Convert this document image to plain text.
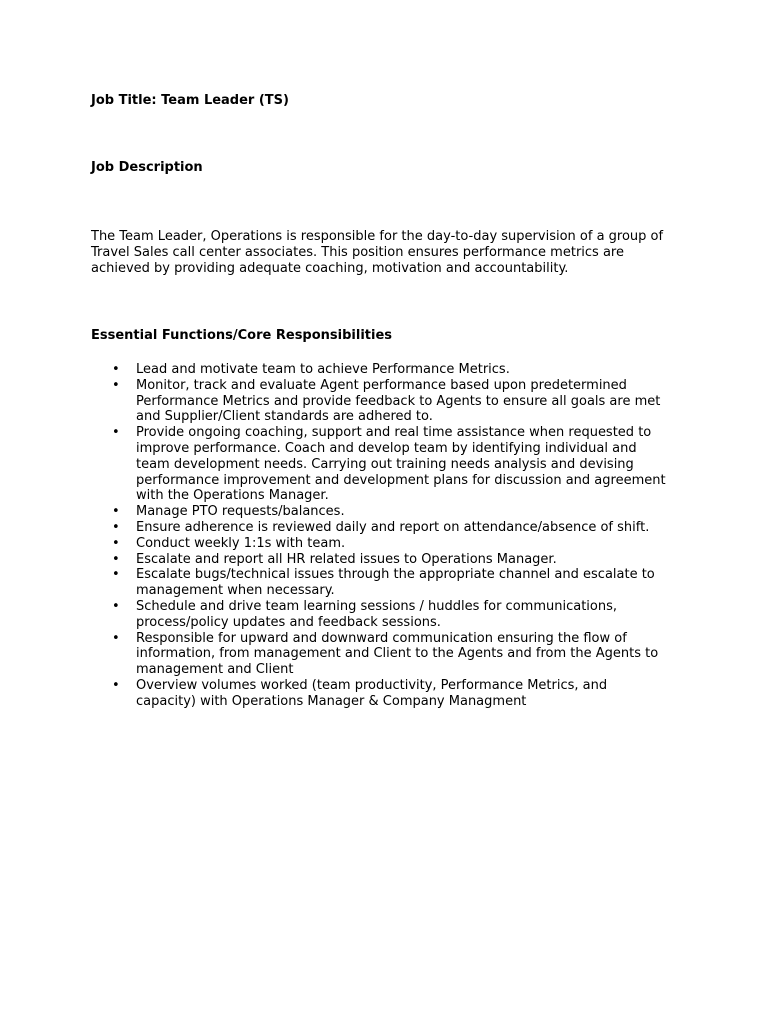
Job Title: Team Leader (TS)
Job Description

The Team Leader, Operations is responsible for the day-to-day supervision of a group of
Travel Sales call center associates. This position ensures performance metrics are
achieved by providing adequate coaching, motivation and accountability.

Essential Functions/Core Responsibilities
•	Lead and motivate team to achieve Performance Metrics.
•	Monitor, track and evaluate Agent performance based upon predetermined
Performance Metrics and provide feedback to Agents to ensure all goals are met
and Supplier/Client standards are adhered to.
•	Provide ongoing coaching, support and real time assistance when requested to
improve performance. Coach and develop team by identifying individual and
team development needs. Carrying out training needs analysis and devising
performance improvement and development plans for discussion and agreement
with the Operations Manager.
•	Manage PTO requests/balances.
•	Ensure adherence is reviewed daily and report on attendance/absence of shift.
•	Conduct weekly 1:1s with team.
•	Escalate and report all HR related issues to Operations Manager.
•	Escalate bugs/technical issues through the appropriate channel and escalate to
management when necessary.
•	Schedule and drive team learning sessions / huddles for communications,
process/policy updates and feedback sessions.
•	Responsible for upward and downward communication ensuring the flow of
information, from management and Client to the Agents and from the Agents to
management and Client
•	Overview volumes worked (team productivity, Performance Metrics, and
capacity) with Operations Manager & Company Managment
